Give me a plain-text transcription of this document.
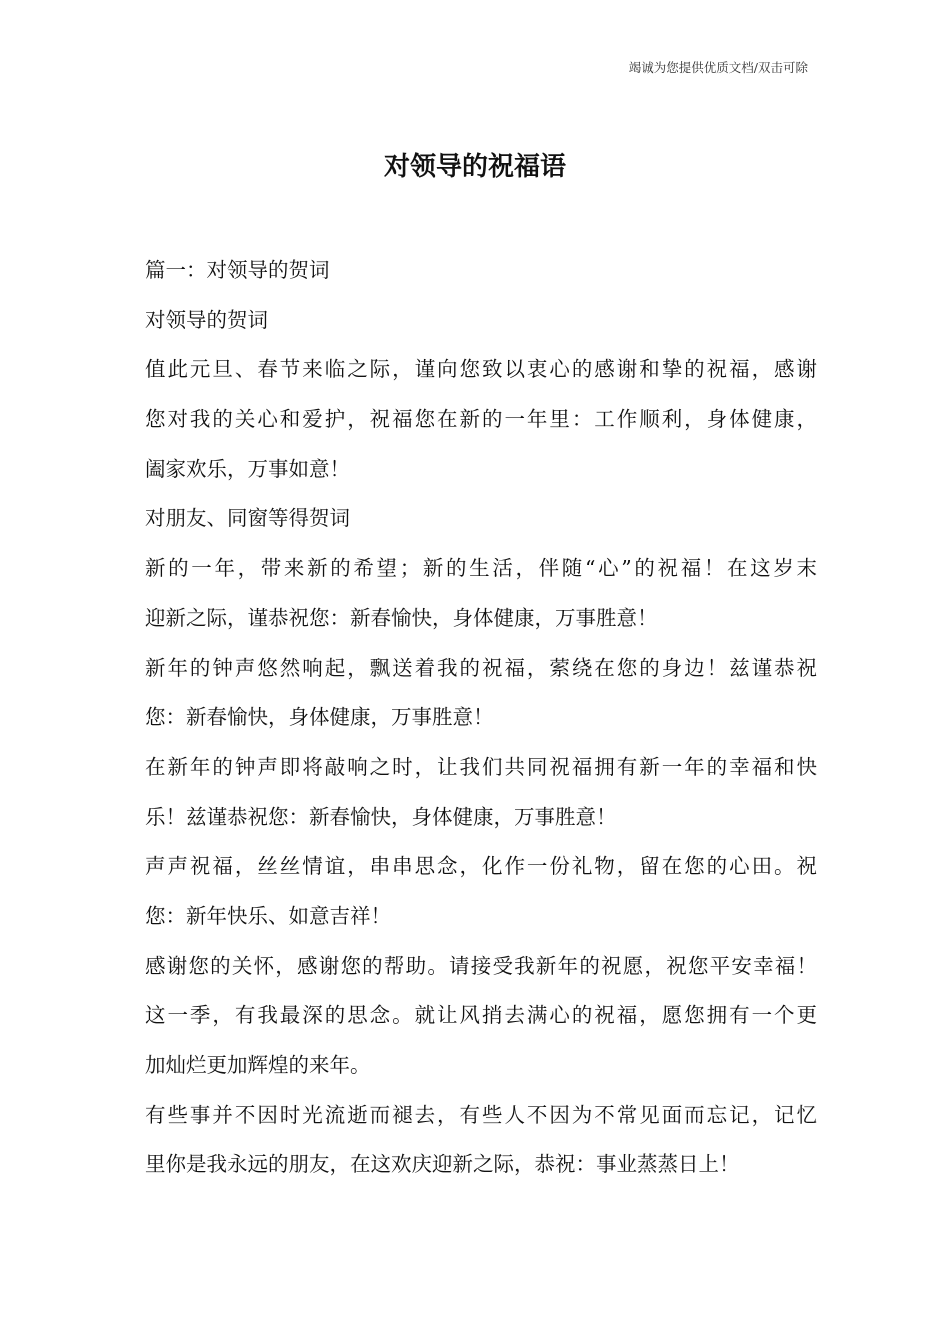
竭诚为您提供优质文档/双击可除
对领导的祝福语
篇一：对领导的贺词
对领导的贺词
值此元旦、春节来临之际，谨向您致以衷心的感谢和挚的祝福，感谢
您对我的关心和爱护，祝福您在新的一年里：工作顺利，身体健康，
阖家欢乐，万事如意！
对朋友、同窗等得贺词
新的一年，带来新的希望；新的生活，伴随“心”的祝福！在这岁末
迎新之际，谨恭祝您：新春愉快，身体健康，万事胜意！
新年的钟声悠然响起，飘送着我的祝福，萦绕在您的身边！兹谨恭祝
您：新春愉快，身体健康，万事胜意！
在新年的钟声即将敲响之时，让我们共同祝福拥有新一年的幸福和快
乐！兹谨恭祝您：新春愉快，身体健康，万事胜意！
声声祝福，丝丝情谊，串串思念，化作一份礼物，留在您的心田。祝
您：新年快乐、如意吉祥！
感谢您的关怀，感谢您的帮助。请接受我新年的祝愿，祝您平安幸福！
这一季，有我最深的思念。就让风捎去满心的祝福，愿您拥有一个更
加灿烂更加辉煌的来年。
有些事并不因时光流逝而褪去，有些人不因为不常见面而忘记，记忆
里你是我永远的朋友，在这欢庆迎新之际，恭祝：事业蒸蒸日上！
